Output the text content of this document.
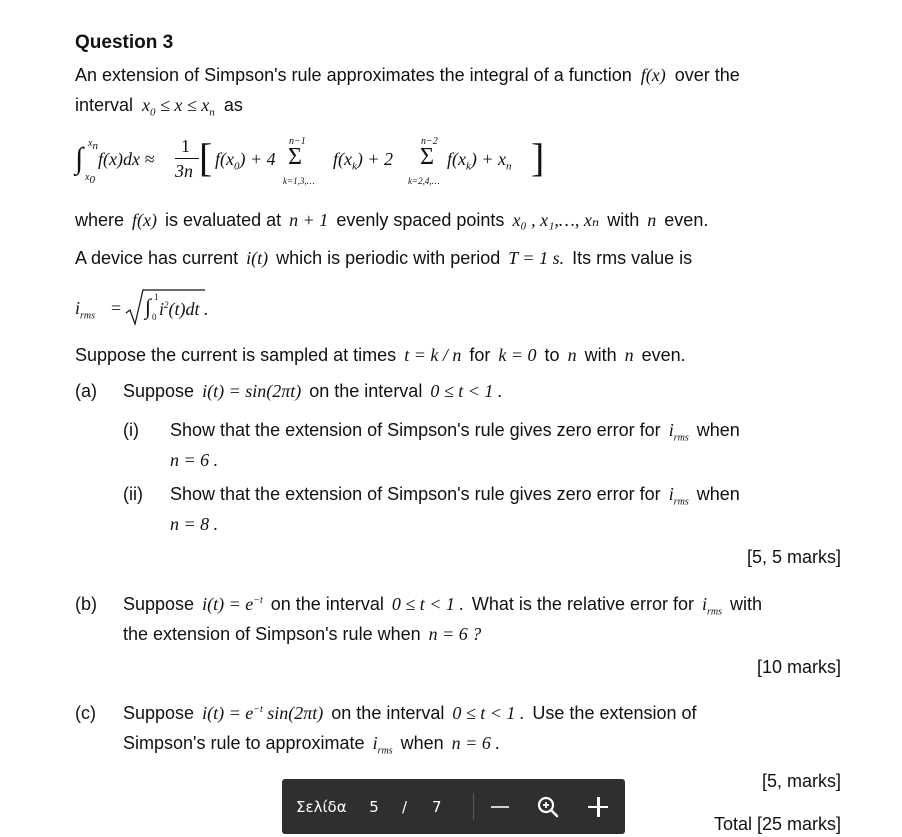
Question 3
An extension of Simpson's rule approximates the integral of a function f(x) over the
interval $x_0 \le x \le x_n$ as
∫ $x_n$
$x_0$
f(x)dx ≈
1
3n [ $f(x_0) + 4$
n−1
Σ
k=1,3,…
$f(x_k) + 2$
n−2
Σ
k=2,4,…
$f(x_k) + x_n$ ]
where f(x) is evaluated at n + 1 evenly spaced points x₀ , x₁,…, xₙ with n even.
A device has current i(t) which is periodic with period T = 1 s. Its rms value is
$i_{rms}$ = ∫ 1
0 $i^2(t)dt$ .
Suppose the current is sampled at times t = k / n for k = 0 to n with n even.
(a) Suppose i(t) = sin(2πt) on the interval 0 ≤ t < 1 .
(i) Show that the extension of Simpson's rule gives zero error for $i_{rms}$ when
n = 6 .
(ii) Show that the extension of Simpson's rule gives zero error for $i_{rms}$ when
n = 8 .
[5, 5 marks]
(b) Suppose $i(t) = e^{-t}$ on the interval 0 ≤ t < 1 . What is the relative error for $i_{rms}$ with
the extension of Simpson's rule when n = 6 ?
[10 marks]
(c) Suppose $i(t) = e^{-t}$ sin(2πt) on the interval 0 ≤ t < 1 . Use the extension of
Simpson's rule to approximate $i_{rms}$ when n = 6 .
[5, marks]
Total [25 marks]
Σελίδα 5 / 7
